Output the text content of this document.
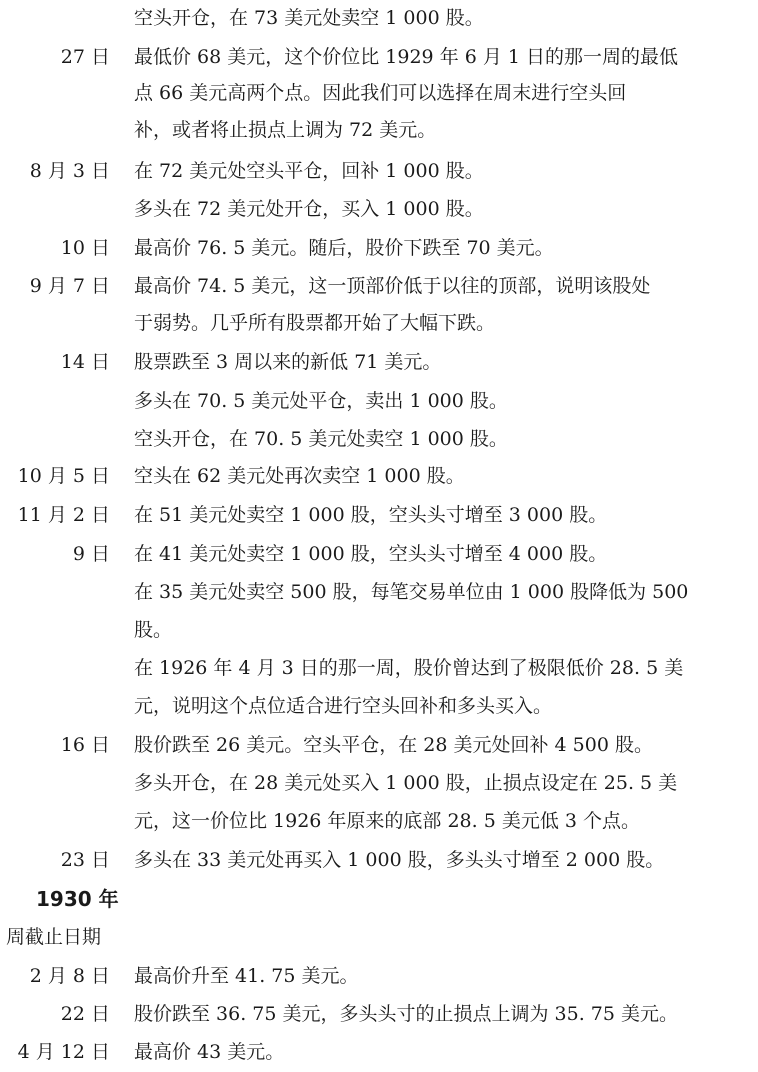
空头开仓，在 73 美元处卖空 1 000 股。
27 日 最低价 68 美元，这个价位比 1929 年 6 月 1 日的那一周的最低
点 66 美元高两个点。因此我们可以选择在周末进行空头回
补，或者将止损点上调为 72 美元。
8 月 3 日 在 72 美元处空头平仓，回补 1 000 股。
多头在 72 美元处开仓，买入 1 000 股。
10 日 最高价 76. 5 美元。随后，股价下跌至 70 美元。
9 月 7 日 最高价 74. 5 美元，这一顶部价低于以往的顶部，说明该股处
于弱势。几乎所有股票都开始了大幅下跌。
14 日 股票跌至 3 周以来的新低 71 美元。
多头在 70. 5 美元处平仓，卖出 1 000 股。
空头开仓，在 70. 5 美元处卖空 1 000 股。
10 月 5 日 空头在 62 美元处再次卖空 1 000 股。
11 月 2 日 在 51 美元处卖空 1 000 股，空头头寸增至 3 000 股。
9 日 在 41 美元处卖空 1 000 股，空头头寸增至 4 000 股。
在 35 美元处卖空 500 股，每笔交易单位由 1 000 股降低为 500
股。
在 1926 年 4 月 3 日的那一周，股价曾达到了极限低价 28. 5 美
元，说明这个点位适合进行空头回补和多头买入。
16 日 股价跌至 26 美元。空头平仓，在 28 美元处回补 4 500 股。
多头开仓，在 28 美元处买入 1 000 股，止损点设定在 25. 5 美
元，这一价位比 1926 年原来的底部 28. 5 美元低 3 个点。
23 日 多头在 33 美元处再买入 1 000 股，多头头寸增至 2 000 股。
1930 年
周截止日期
2 月 8 日 最高价升至 41. 75 美元。
22 日 股价跌至 36. 75 美元，多头头寸的止损点上调为 35. 75 美元。
4 月 12 日 最高价 43 美元。
